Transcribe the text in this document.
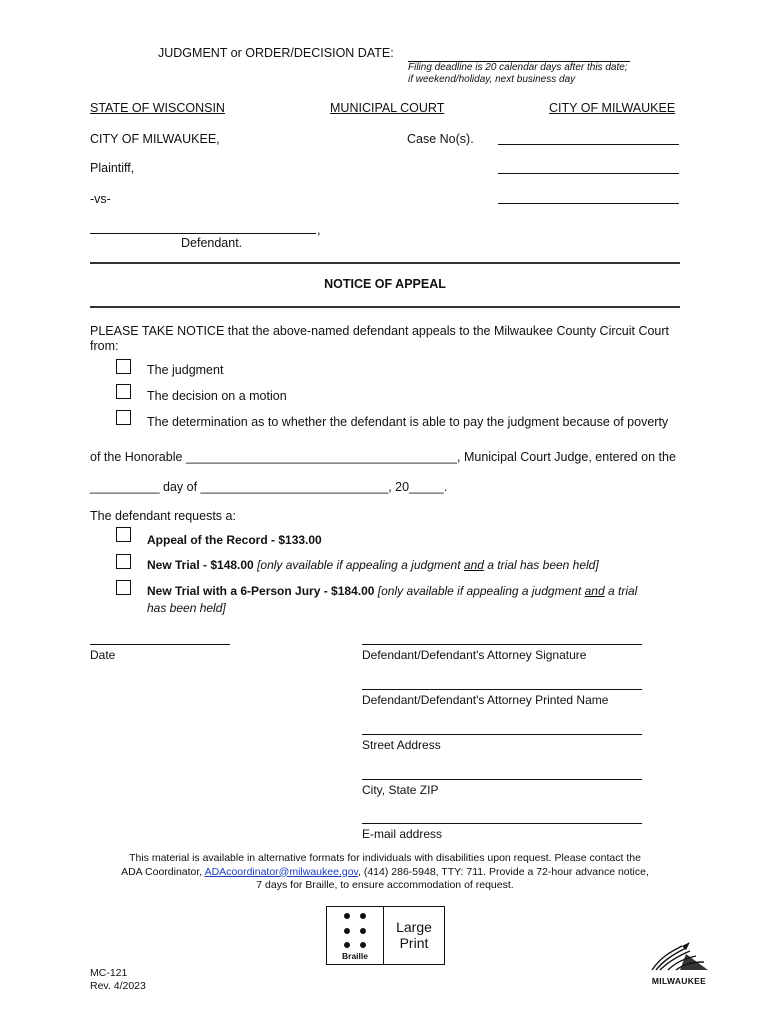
JUDGMENT or ORDER/DECISION DATE:
Filing deadline is 20 calendar days after this date;
if weekend/holiday, next business day
STATE OF WISCONSIN	MUNICIPAL COURT	CITY OF MILWAUKEE
CITY OF MILWAUKEE,	Case No(s).
Plaintiff,
-vs-
,
Defendant.
NOTICE OF APPEAL
PLEASE TAKE NOTICE that the above-named defendant appeals to the Milwaukee County Circuit Court from:
The judgment
The decision on a motion
The determination as to whether the defendant is able to pay the judgment because of poverty
of the Honorable _______________________________________, Municipal Court Judge, entered on the
__________ day of ___________________________, 20_____.
The defendant requests a:
Appeal of the Record - $133.00
New Trial - $148.00 [only available if appealing a judgment and a trial has been held]
New Trial with a 6-Person Jury - $184.00 [only available if appealing a judgment and a trial
has been held]
Date	Defendant/Defendant's Attorney Signature
Defendant/Defendant's Attorney Printed Name
Street Address
City, State ZIP
E-mail address
This material is available in alternative formats for individuals with disabilities upon request. Please contact the
ADA Coordinator, ADAcoordinator@milwaukee.gov, (414) 286-5948, TTY: 711. Provide a 72-hour advance notice,
7 days for Braille, to ensure accommodation of request.
Braille
Large
Print
MC-121
Rev. 4/2023	MILWAUKEE
